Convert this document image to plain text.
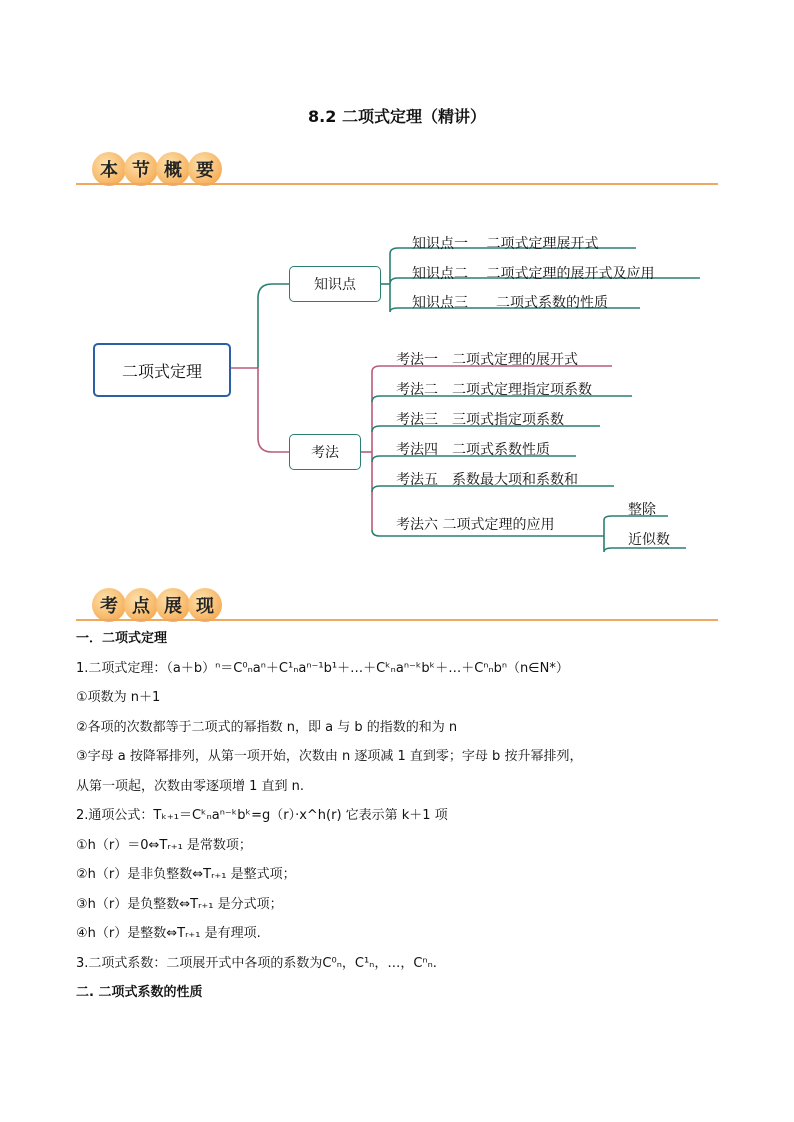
8.2 二项式定理（精讲）
本 节 概 要
二项式定理
知识点
考法
知识点一　 二项式定理展开式
知识点二　 二项式定理的展开式及应用
知识点三　　二项式系数的性质
考法一　二项式定理的展开式
考法二　二项式定理指定项系数
考法三　三项式指定项系数
考法四　二项式系数性质
考法五　系数最大项和系数和
考法六 二项式定理的应用
整除
近似数
考 点 展 现
一．二项式定理
1.二项式定理：（a＋b）ⁿ＝C⁰ₙaⁿ＋C¹ₙaⁿ⁻¹b¹＋…＋Cᵏₙaⁿ⁻ᵏbᵏ＋…＋Cⁿₙbⁿ（n∈N*）
①项数为 n＋1
②各项的次数都等于二项式的幂指数 n，即 a 与 b 的指数的和为 n
③字母 a 按降幂排列，从第一项开始，次数由 n 逐项减 1 直到零；字母 b 按升幂排列，
从第一项起，次数由零逐项增 1 直到 n.
2.通项公式：Tₖ₊₁＝Cᵏₙaⁿ⁻ᵏbᵏ=g（r）·x^h(r) 它表示第 k＋1 项
①h（r）＝0⇔Tᵣ₊₁ 是常数项；
②h（r）是非负整数⇔Tᵣ₊₁ 是整式项；
③h（r）是负整数⇔Tᵣ₊₁ 是分式项；
④h（r）是整数⇔Tᵣ₊₁ 是有理项.
3.二项式系数：二项展开式中各项的系数为C⁰ₙ，C¹ₙ，…，Cⁿₙ.
二. 二项式系数的性质
